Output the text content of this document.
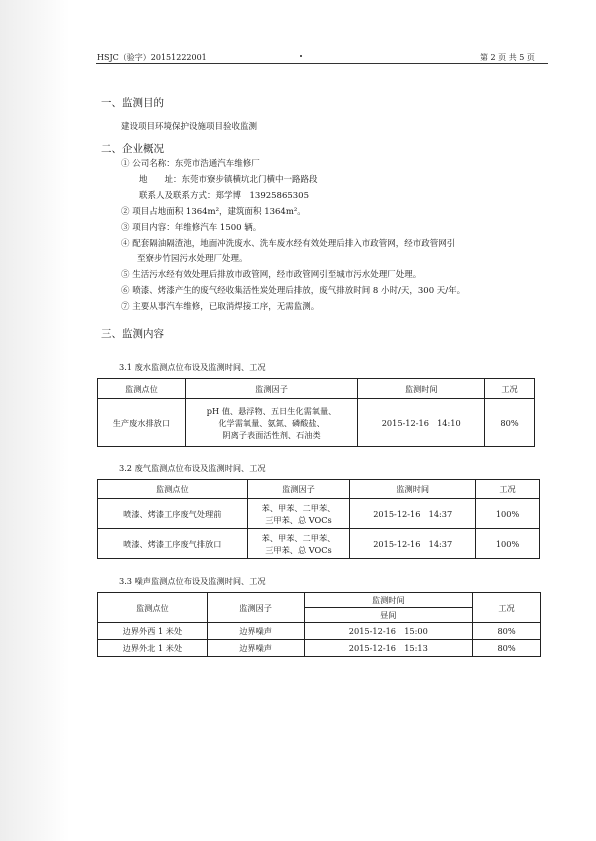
HSJC（验字）20151222001	第 2 页 共 5 页
一、监测目的
建设项目环境保护设施项目验收监测
二、企业概况
① 公司名称：东莞市浩通汽车维修厂
地　　址：东莞市寮步镇横坑北门横中一路路段
联系人及联系方式：郑学博　13925865305
② 项目占地面积 1364m²，建筑面积 1364m²。
③ 项目内容：年维修汽车 1500 辆。
④ 配套隔油隔渣池，地面冲洗废水、洗车废水经有效处理后排入市政管网，经市政管网引
至寮步竹园污水处理厂处理。
⑤ 生活污水经有效处理后排放市政管网，经市政管网引至城市污水处理厂处理。
⑥ 喷漆、烤漆产生的废气经收集活性炭处理后排放，废气排放时间 8 小时/天，300 天/年。
⑦ 主要从事汽车维修，已取消焊接工序，无需监测。
三、监测内容
3.1 废水监测点位布设及监测时间、工况
监测点位	监测因子	监测时间	工况
生产废水排放口	pH 值、悬浮物、五日生化需氧量、
化学需氧量、氨氮、磷酸盐、
阴离子表面活性剂、石油类	2015-12-16　14:10	80%
3.2 废气监测点位布设及监测时间、工况
监测点位	监测因子	监测时间	工况
喷漆、烤漆工序废气处理前	苯、甲苯、二甲苯、
三甲苯、总 VOCs	2015-12-16　14:37	100%
喷漆、烤漆工序废气排放口	苯、甲苯、二甲苯、
三甲苯、总 VOCs	2015-12-16　14:37	100%
3.3 噪声监测点位布设及监测时间、工况
监测点位	监测因子	监测时间	工况
		昼间	
边界外西 1 米处	边界噪声	2015-12-16　15:00	80%
边界外北 1 米处	边界噪声	2015-12-16　15:13	80%
